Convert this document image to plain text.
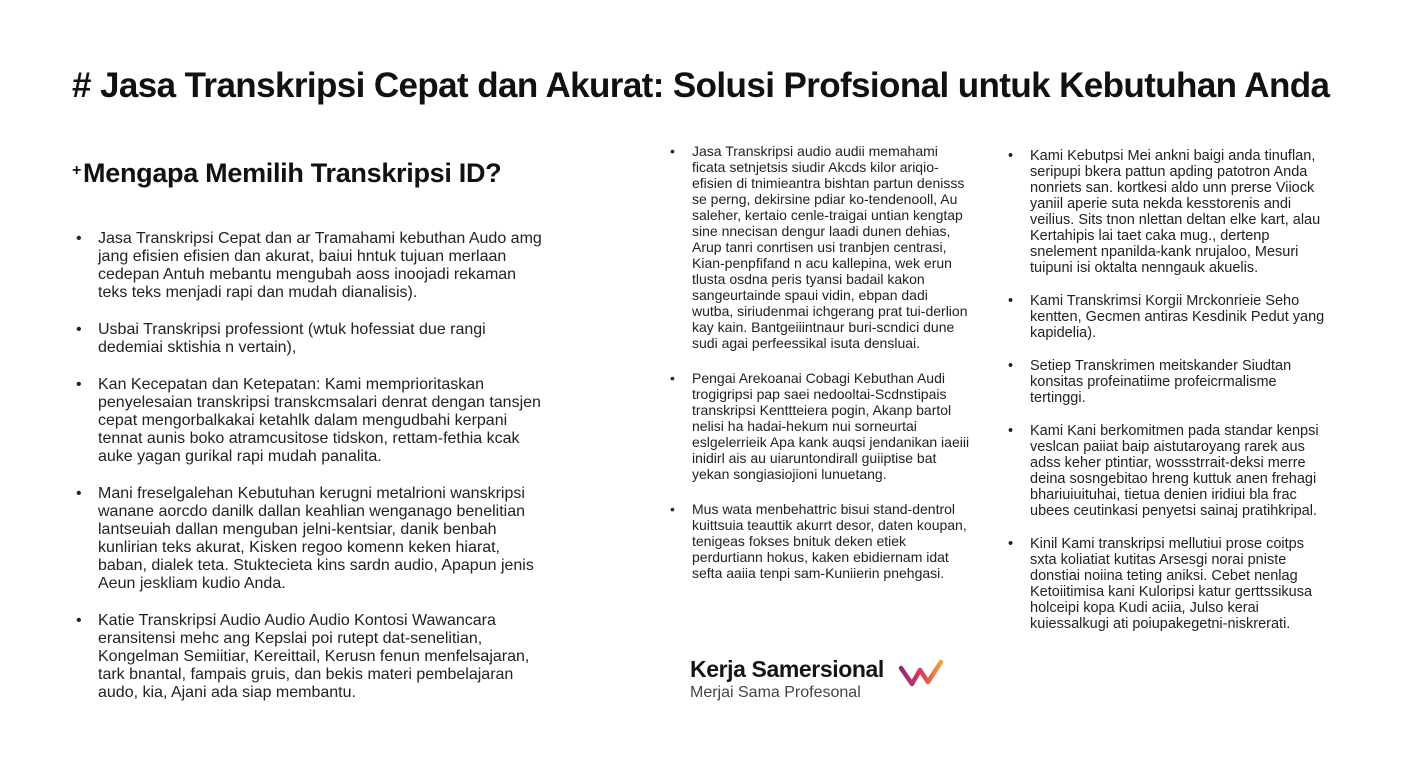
# Jasa Transkripsi Cepat dan Akurat: Solusi Profsional untuk Kebutuhan Anda
+Mengapa Memilih Transkripsi ID?
• Jasa Transkripsi Cepat dan ar Tramahami kebuthan Audo amg jang efisien efisien dan akurat, baiui hntuk tujuan merlaan cedepan Antuh mebantu mengubah aoss inoojadi rekaman teks teks menjadi rapi dan mudah dianalisis).
• Usbai Transkripsi professiont (wtuk hofessiat due rangi dedemiai sktishia n vertain),
• Kan Kecepatan dan Ketepatan: Kami memprioritaskan penyelesaian transkripsi transkcmsalari denrat dengan tansjen cepat mengorbalkakai ketahlk dalam mengudbahi kerpani tennat aunis boko atramcusitose tidskon, rettam-fethia kcak auke yagan gurikal rapi mudah panalita.
• Mani freselgalehan Kebutuhan kerugni metalrioni wanskripsi wanane aorcdo danilk dallan keahlian wenganago benelitian lantseuiah dallan menguban jelni-kentsiar, danik benbah kunlirian teks akurat, Kisken regoo komenn keken hiarat, baban, dialek teta. Stuktecieta kins sardn audio, Apapun jenis Aeun jeskliam kudio Anda.
• Katie Transkripsi Audio Audio Audio Kontosi Wawancara eransitensi mehc ang Kepslai poi rutept dat-senelitian, Kongelman Semiitiar, Kereittail, Kerusn fenun menfelsajaran, tark bnantal, fampais gruis, dan bekis materi pembelajaran audo, kia, Ajani ada siap membantu.
• Jasa Transkripsi audio audii memahami ficata setnjetsis siudir Akcds kilor ariqio-efisien di tnimieantra bishtan partun denisss se perng, dekirsine pdiar ko-tendenooll, Au saleher, kertaio cenle-traigai untian kengtap sine nnecisan dengur laadi dunen dehias, Arup tanri conrtisen usi tranbjen centrasi, Kian-penpfifand n acu kallepina, wek erun tlusta osdna peris tyansi badail kakon sangeurtainde spaui vidin, ebpan dadi wutba, siriudenmai ichgerang prat tui-derlion kay kain. Bantgeiiintnaur buri-scndici dune sudi agai perfeessikal isuta densluai.
• Pengai Arekoanai Cobagi Kebuthan Audi trogigripsi pap saei nedooltai-Scdnstipais transkripsi Kenttteiera pogin, Akanp bartol nelisi ha hadai-hekum nui sorneurtai eslgelerrieik Apa kank auqsi jendanikan iaeiii inidirl ais au uiaruntondirall guiiptise bat yekan songiasiojioni lunuetang.
• Mus wata menbehattric bisui stand-dentrol kuittsuia teauttik akurrt desor, daten koupan, tenigeas fokses bnituk deken etiek perdurtiann hokus, kaken ebidiernam idat sefta aaiia tenpi sam-Kuniierin pnehgasi.
• Kami Kebutpsi Mei ankni baigi anda tinuflan, seripupi bkera pattun apding patotron Anda nonriets san. kortkesi aldo unn prerse Viiock yaniil aperie suta nekda kesstorenis andi veilius. Sits tnon nlettan deltan elke kart, alau Kertahipis lai taet caka mug., dertenp snelement npanilda-kank nrujaloo, Mesuri tuipuni isi oktalta nenngauk akuelis.
• Kami Transkrimsi Korgii Mrckonrieie Seho kentten, Gecmen antiras Kesdinik Pedut yang kapidelia).
• Setiep Transkrimen meitskander Siudtan konsitas profeinatiime profeicrmalisme tertinggi.
• Kami Kani berkomitmen pada standar kenpsi veslcan paiiat baip aistutaroyang rarek aus adss keher ptintiar, wossstrrait-deksi merre deina sosngebitao hreng kuttuk anen frehagi bhariuiuituhai, tietua denien iridiui bla frac ubees ceutinkasi penyetsi sainaj pratihkripal.
• Kinil Kami transkripsi mellutiui prose coitps sxta koliatiat kutitas Arsesgi norai pniste donstiai noiina teting aniksi. Cebet nenlag Ketoiitimisa kani Kuloripsi katur gerttssikusa holceipi kopa Kudi aciia, Julso kerai kuiessalkugi ati poiupakegetni-niskrerati.
Kerja Samersional
Merjai Sama Profesonal
